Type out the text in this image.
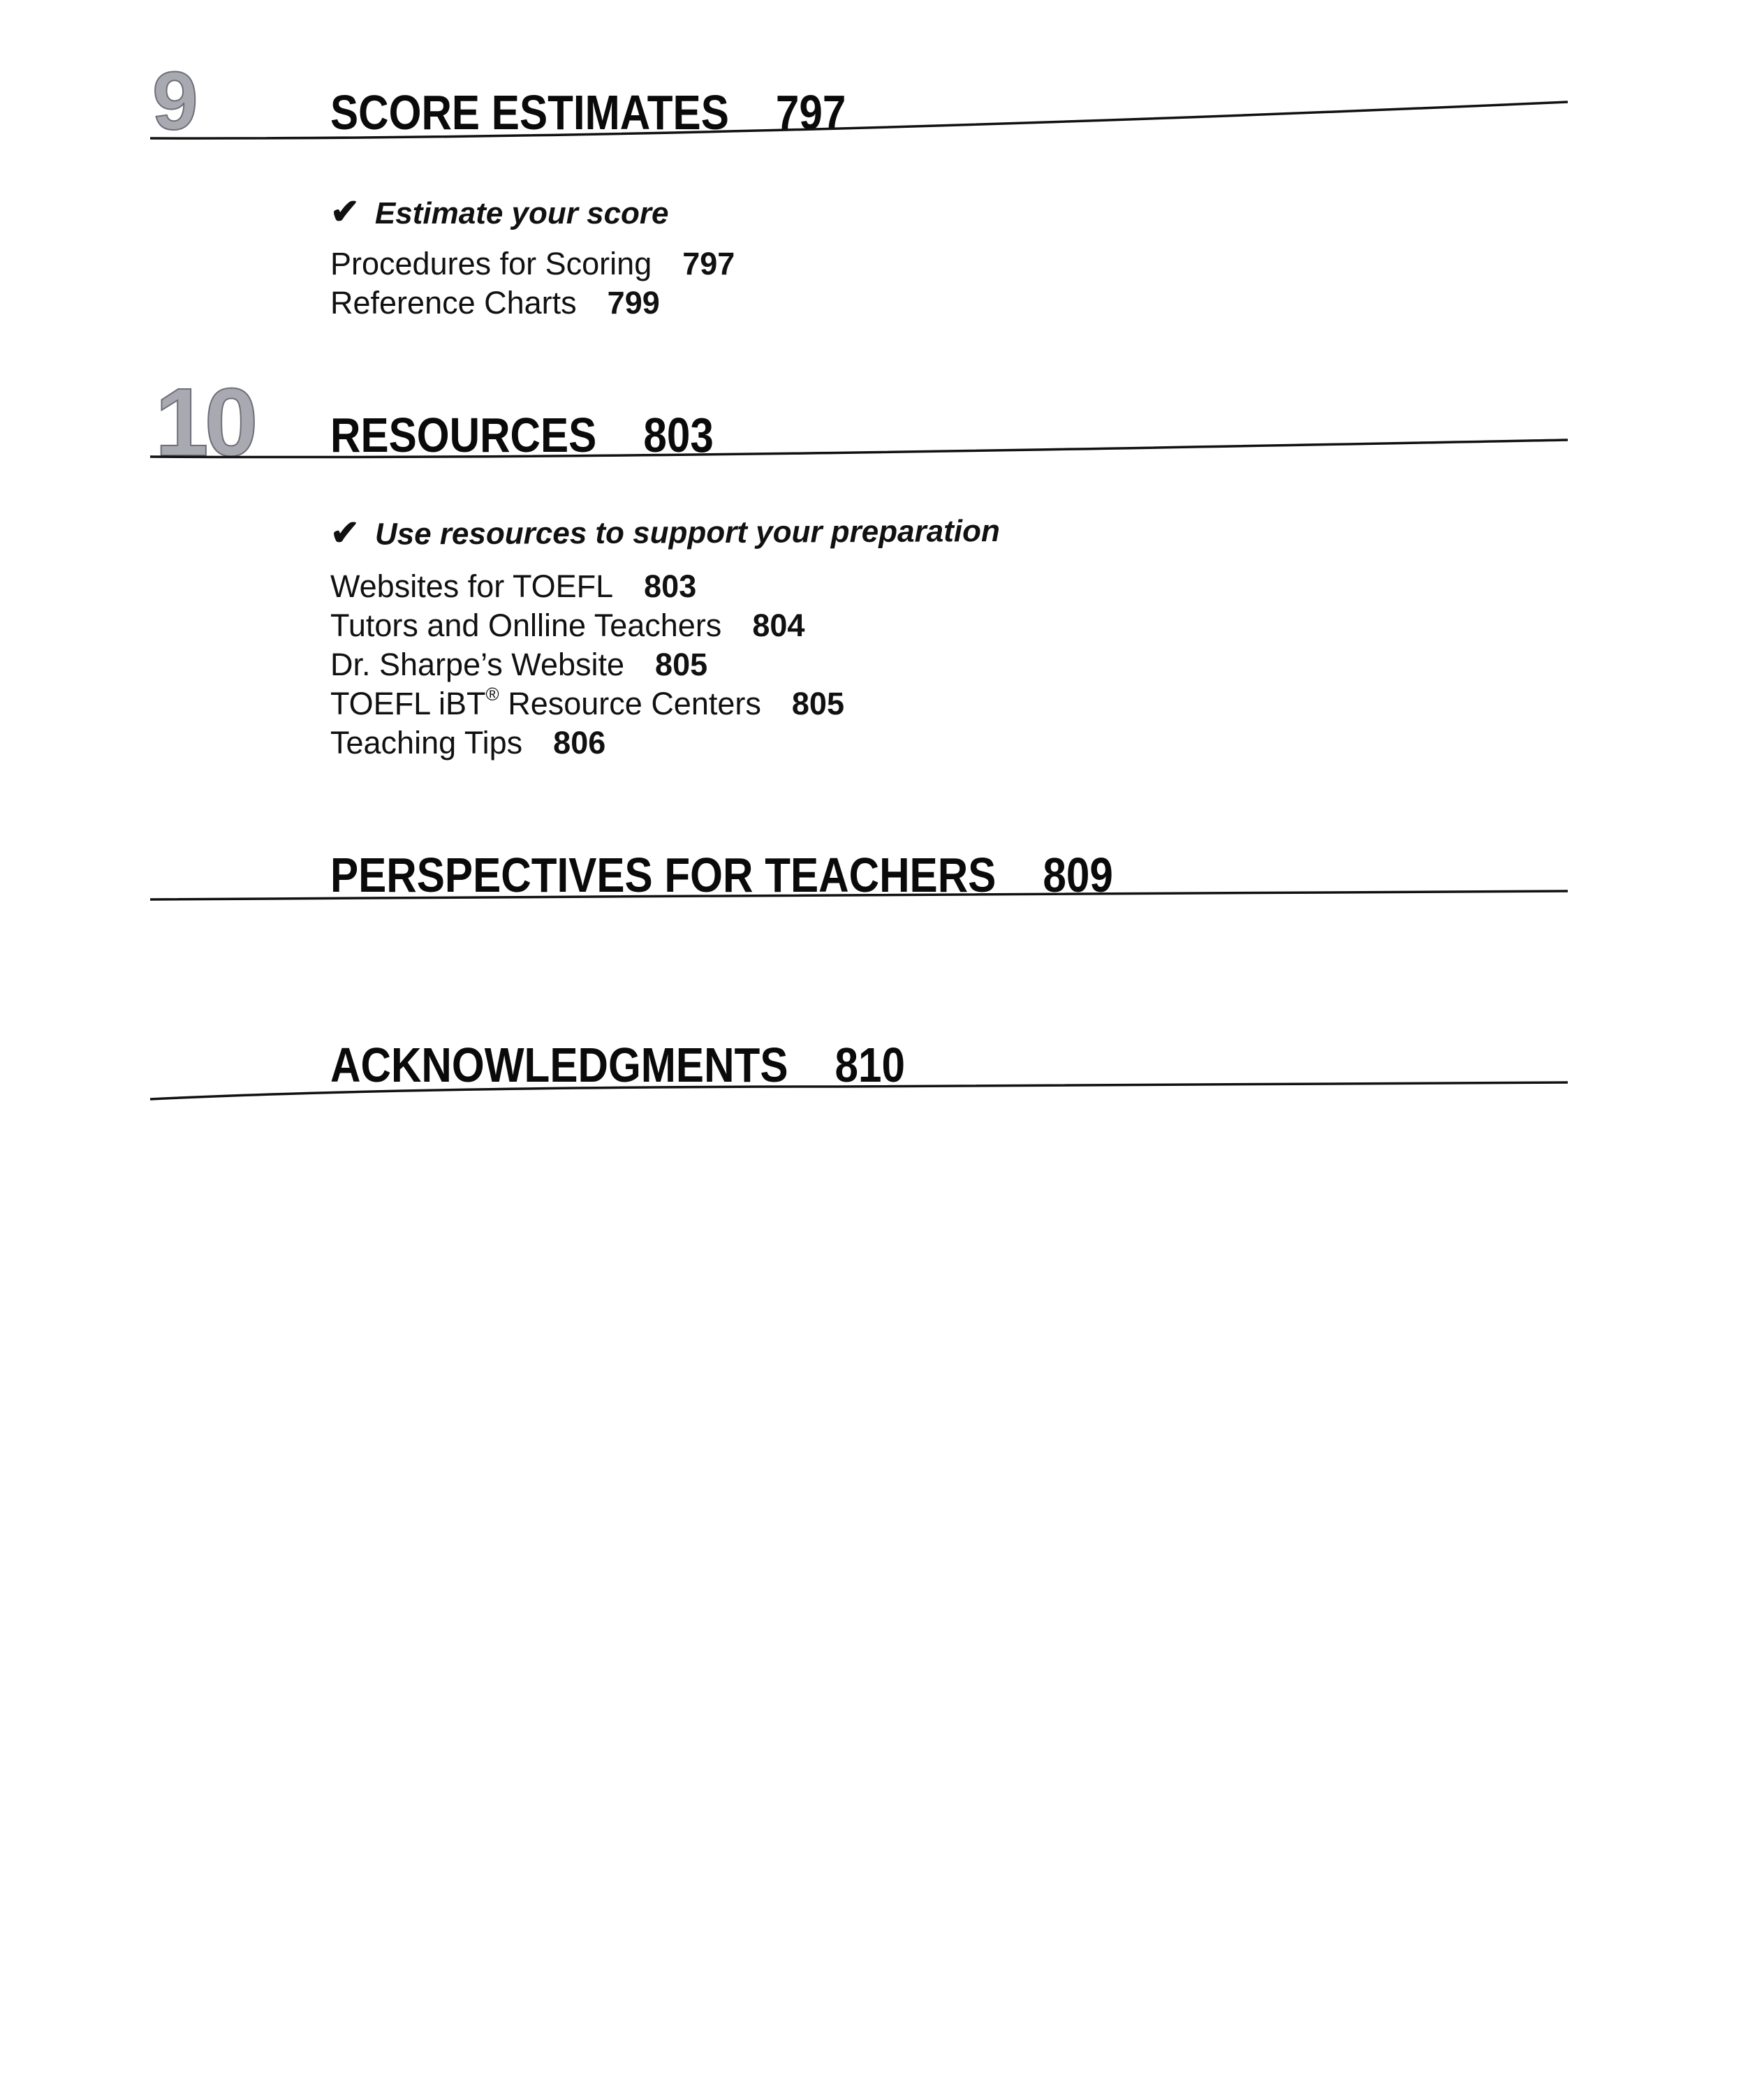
9	SCORE ESTIMATES 797
✔ Estimate your score
Procedures for Scoring 797
Reference Charts 799
10 RESOURCES 803
✔ Use resources to support your preparation
Websites for TOEFL 803
Tutors and Onlline Teachers 804
Dr. Sharpe’s Website 805
TOEFL iBT® Resource Centers 805
Teaching Tips 806
PERSPECTIVES FOR TEACHERS 809
ACKNOWLEDGMENTS 810
